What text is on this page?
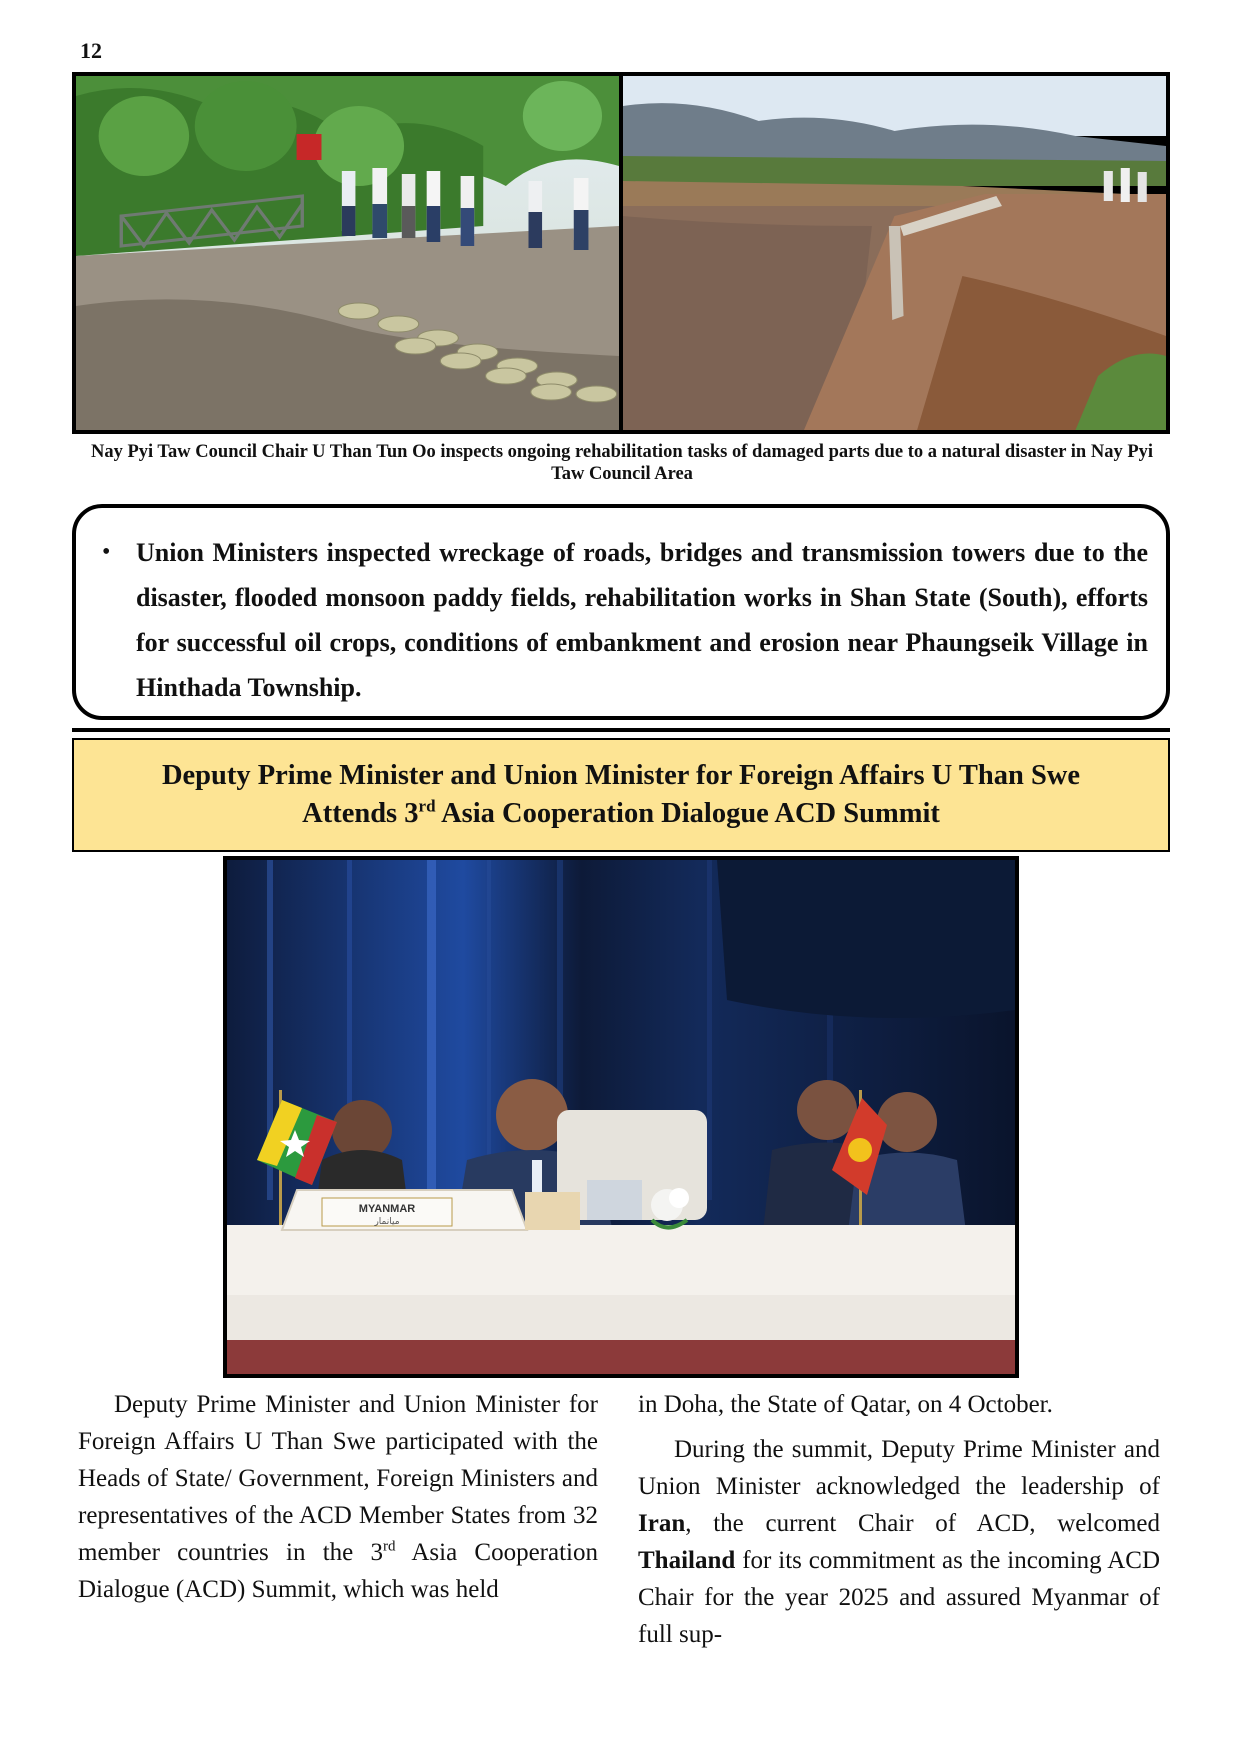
12
Nay Pyi Taw Council Chair U Than Tun Oo inspects ongoing rehabilitation tasks of damaged parts due to a natural disaster in Nay Pyi Taw Council Area
• Union Ministers inspected wreckage of roads, bridges and transmission towers due to the disaster, flooded monsoon paddy fields, rehabilitation works in Shan State (South), efforts for successful oil crops, conditions of embankment and erosion near Phaungseik Village in Hinthada Township.
Deputy Prime Minister and Union Minister for Foreign Affairs U Than Swe
Attends 3rd Asia Cooperation Dialogue ACD Summit
MYANMAR
ميانمار

Deputy Prime Minister and Union Minister for Foreign Affairs U Than Swe participated with the Heads of State/ Government, Foreign Ministers and representatives of the ACD Member States from 32 member countries in the 3rd Asia Cooperation Dialogue (ACD) Summit, which was held

in Doha, the State of Qatar, on 4 October.

During the summit, Deputy Prime Minister and Union Minister acknowledged the leadership of Iran, the current Chair of ACD, welcomed Thailand for its commitment as the incoming ACD Chair for the year 2025 and assured Myanmar of full sup-
